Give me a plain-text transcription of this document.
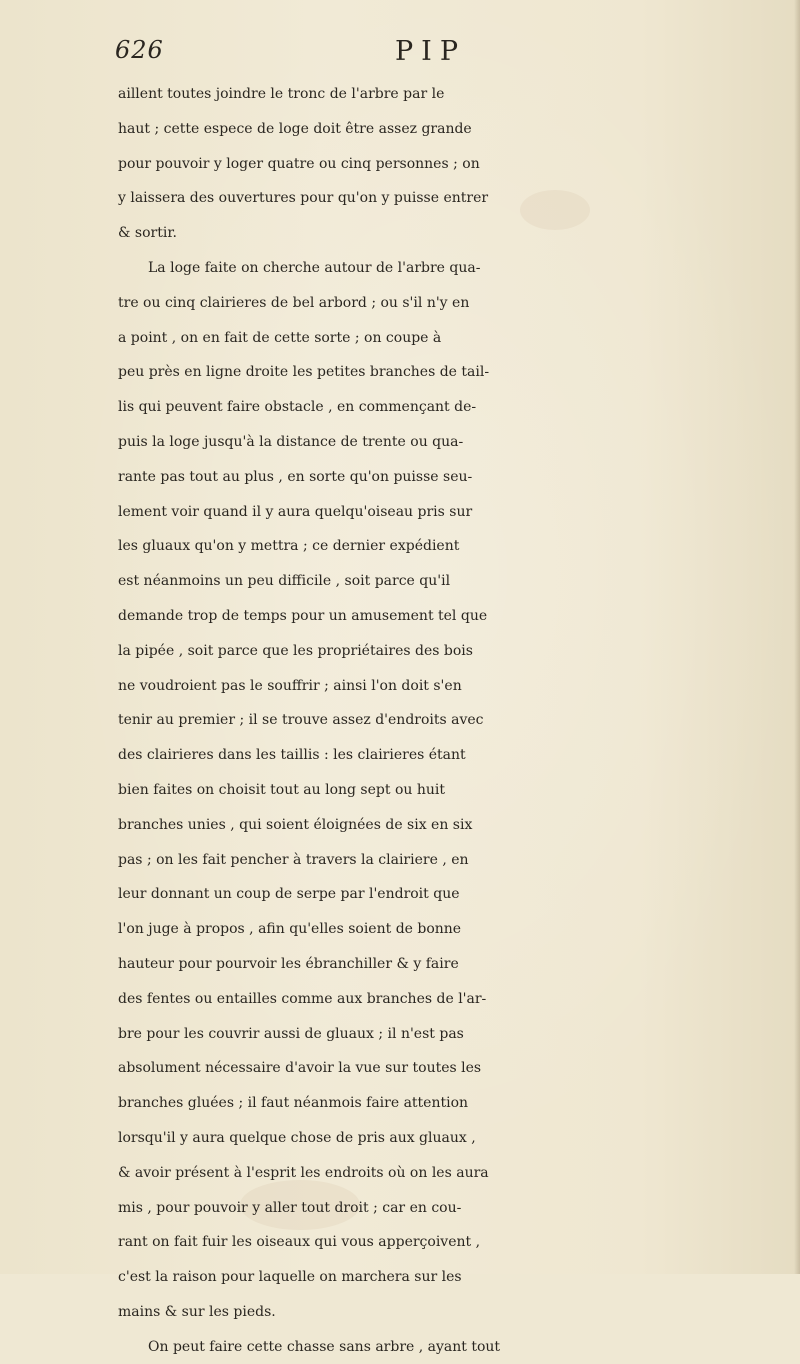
626	PIP
aillent toutes joindre le tronc de l'arbre par le
haut ; cette espece de loge doit être assez grande
pour pouvoir y loger quatre ou cinq personnes ; on
y laissera des ouvertures pour qu'on y puisse entrer
& sortir.
La loge faite on cherche autour de l'arbre qua-
tre ou cinq clairieres de bel arbord ; ou s'il n'y en
a point , on en fait de cette sorte ; on coupe à
peu près en ligne droite les petites branches de tail-
lis qui peuvent faire obstacle , en commençant de-
puis la loge jusqu'à la distance de trente ou qua-
rante pas tout au plus , en sorte qu'on puisse seu-
lement voir quand il y aura quelqu'oiseau pris sur
les gluaux qu'on y mettra ; ce dernier expédient
est néanmoins un peu difficile , soit parce qu'il
demande trop de temps pour un amusement tel que
la pipée , soit parce que les propriétaires des bois
ne voudroient pas le souffrir ; ainsi l'on doit s'en
tenir au premier ; il se trouve assez d'endroits avec
des clairieres dans les taillis : les clairieres étant
bien faites on choisit tout au long sept ou huit
branches unies , qui soient éloignées de six en six
pas ; on les fait pencher à travers la clairiere , en
leur donnant un coup de serpe par l'endroit que
l'on juge à propos , afin qu'elles soient de bonne
hauteur pour pourvoir les ébranchiller & y faire
des fentes ou entailles comme aux branches de l'ar-
bre pour les couvrir aussi de gluaux ; il n'est pas
absolument nécessaire d'avoir la vue sur toutes les
branches gluées ; il faut néanmois faire attention
lorsqu'il y aura quelque chose de pris aux gluaux ,
& avoir présent à l'esprit les endroits où on les aura
mis , pour pouvoir y aller tout droit ; car en cou-
rant on fait fuir les oiseaux qui vous apperçoivent ,
c'est la raison pour laquelle on marchera sur les
mains & sur les pieds.
On peut faire cette chasse sans arbre , ayant tout
